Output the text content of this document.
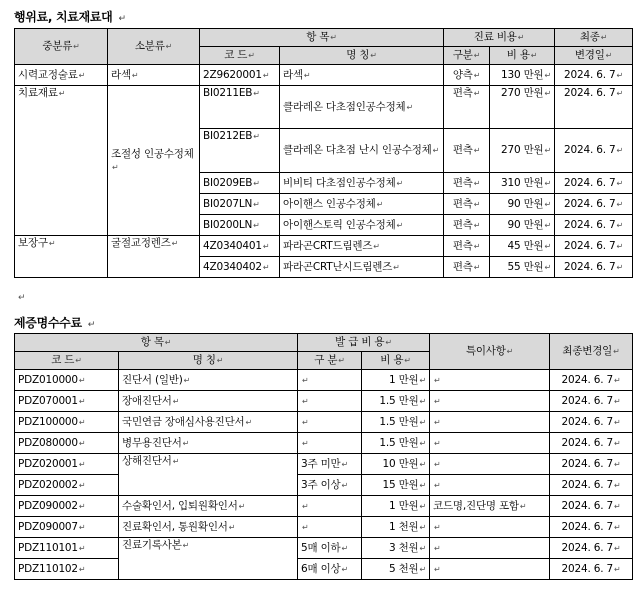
행위료, 치료재료대 ↵
중분류 ↵	소분류 ↵	항 목 ↵		진료 비용 ↵		최종 ↵
		코 드 ↵	명 칭 ↵	구분 ↵	비 용 ↵	변경일 ↵
시력교정술료 ↵	라섹 ↵	2Z9620001 ↵	라섹 ↵	양측 ↵	130 만원 ↵	2024. 6. 7 ↵
치료재료 ↵	조절성 인공수정체 ↵	BI0211EB ↵	클라레온 다초점인공수정체 ↵	편측 ↵	270 만원 ↵	2024. 6. 7 ↵
		BI0212EB ↵	클라레온 다초점 난시 인공수정체 ↵	편측 ↵	270 만원 ↵	2024. 6. 7 ↵
		BI0209EB ↵	비비티 다초점인공수정체 ↵	편측 ↵	310 만원 ↵	2024. 6. 7 ↵
		BI0207LN ↵	아이핸스 인공수정체 ↵	편측 ↵	90 만원 ↵	2024. 6. 7 ↵
		BI0200LN ↵	아이핸스토릭 인공수정체 ↵	편측 ↵	90 만원 ↵	2024. 6. 7 ↵
보장구 ↵	굴절교정렌즈 ↵	4Z0340401 ↵	파라곤CRT드림렌즈 ↵	편측 ↵	45 만원 ↵	2024. 6. 7 ↵
		4Z0340402 ↵	파라곤CRT난시드림렌즈 ↵	편측 ↵	55 만원 ↵	2024. 6. 7 ↵
↵
제증명수수료 ↵
항 목 ↵		발 급 비 용 ↵		특이사항 ↵	최종변경일 ↵
코 드 ↵	명 칭 ↵	구 분 ↵	비 용 ↵
PDZ010000 ↵	진단서 (일반) ↵	↵	1 만원 ↵	↵	2024. 6. 7 ↵
PDZ070001 ↵	장애진단서 ↵	↵	1.5 만원 ↵	↵	2024. 6. 7 ↵
PDZ100000 ↵	국민연금 장애심사용진단서 ↵	↵	1.5 만원 ↵	↵	2024. 6. 7 ↵
PDZ080000 ↵	병무용진단서 ↵	↵	1.5 만원 ↵	↵	2024. 6. 7 ↵
PDZ020001 ↵	상해진단서 ↵	3주 미만 ↵	10 만원 ↵	↵	2024. 6. 7 ↵
PDZ020002 ↵		3주 이상 ↵	15 만원 ↵	↵	2024. 6. 7 ↵
PDZ090002 ↵	수술확인서, 입퇴원확인서 ↵	↵	1 만원 ↵	코드명,진단명 포함 ↵	2024. 6. 7 ↵
PDZ090007 ↵	진료확인서, 통원확인서 ↵	↵	1 천원 ↵	↵	2024. 6. 7 ↵
PDZ110101 ↵	진료기록사본 ↵	5매 이하 ↵	3 천원 ↵	↵	2024. 6. 7 ↵
PDZ110102 ↵		6매 이상 ↵	5 천원 ↵	↵	2024. 6. 7 ↵
